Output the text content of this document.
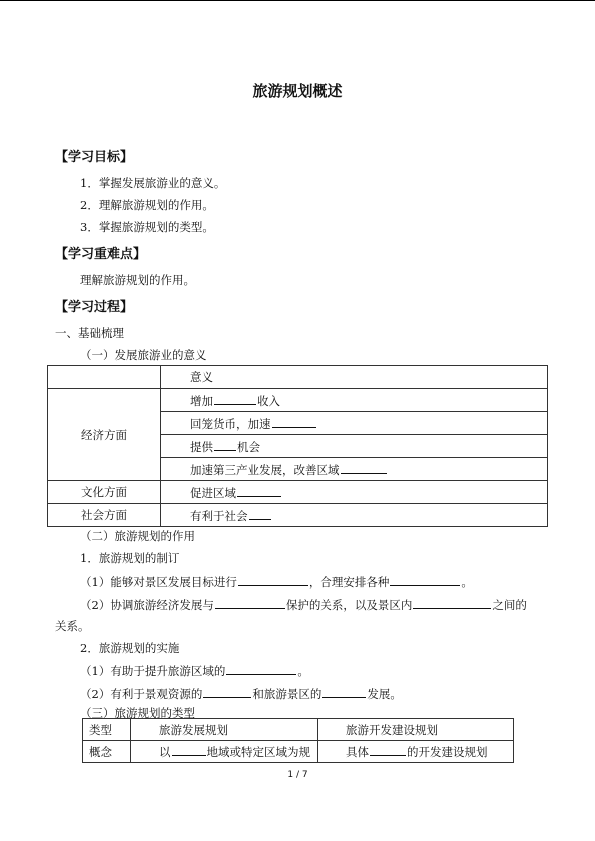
旅游规划概述
【学习目标】
1．掌握发展旅游业的意义。
2．理解旅游规划的作用。
3．掌握旅游规划的类型。
【学习重难点】
理解旅游规划的作用。
【学习过程】
一、基础梳理
（一）发展旅游业的意义
	意义
经济方面	增加 收入
	回笼货币，加速
	提供 机会
	加速第三产业发展，改善区域
文化方面	促进区域
社会方面	有利于社会
（二）旅游规划的作用
1．旅游规划的制订
（1）能够对景区发展目标进行	，合理安排各种	。
（2）协调旅游经济发展与	保护的关系，以及景区内	之间的
关系。
2．旅游规划的实施
（1）有助于提升旅游区域的	。
（2）有利于景观资源的	和旅游景区的	发展。
（三）旅游规划的类型
类型	旅游发展规划	旅游开发建设规划
概念	以 地域或特定区域为规	具体 的开发建设规划
1 / 7
